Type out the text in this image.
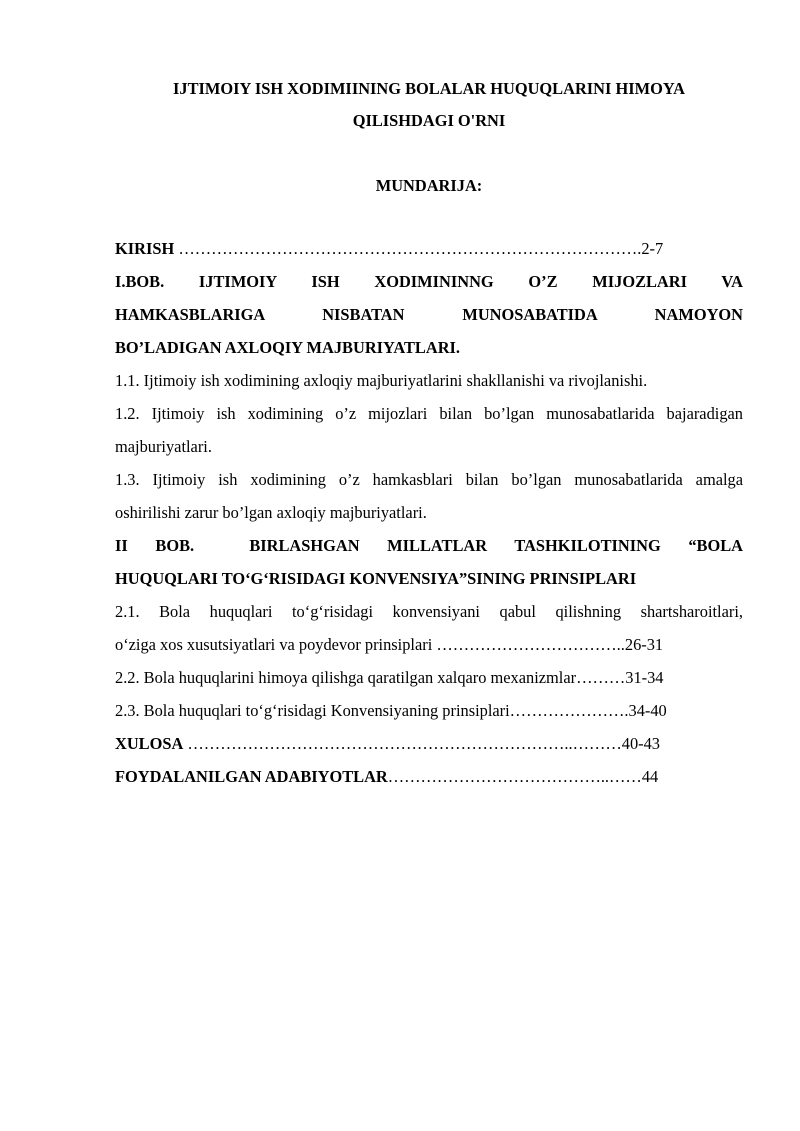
IJTIMOIY ISH XODIMIINING BOLALAR HUQUQLARINI HIMOYA
QILISHDAGI O'RNI
MUNDARIJA:
KIRISH ………………………………………………………………………….2-7
I.BOB. IJTIMOIY ISH XODIMININNG O’Z MIJOZLARI VA
HAMKASBLARIGA NISBATAN MUNOSABATIDA NAMOYON
BO’LADIGAN AXLOQIY MAJBURIYATLARI.
1.1. Ijtimoiy ish xodimining axloqiy majburiyatlarini shakllanishi va rivojlanishi.
1.2. Ijtimoiy ish xodimining o’z mijozlari bilan bo’lgan munosabatlarida bajaradigan
majburiyatlari.
1.3. Ijtimoiy ish xodimining o’z hamkasblari bilan bo’lgan munosabatlarida amalga
oshirilishi zarur bo’lgan axloqiy majburiyatlari.
II BOB.  BIRLASHGAN MILLATLAR TASHKILOTINING “BOLA
HUQUQLARI TO‘G‘RISIDAGI KONVENSIYA”SINING PRINSIPLARI
2.1. Bola huquqlari to‘g‘risidagi konvensiyani qabul qilishning shartsharoitlari,
o‘ziga xos xusutsiyatlari va poydevor prinsiplari ……………………………..26-31
2.2. Bola huquqlarini himoya qilishga qaratilgan xalqaro mexanizmlar………31-34
2.3. Bola huquqlari to‘g‘risidagi Konvensiyaning prinsiplari………………….34-40
XULOSA ……………………………………………………………..………40-43
FOYDALANILGAN ADABIYOTLAR…………………………………..……44
